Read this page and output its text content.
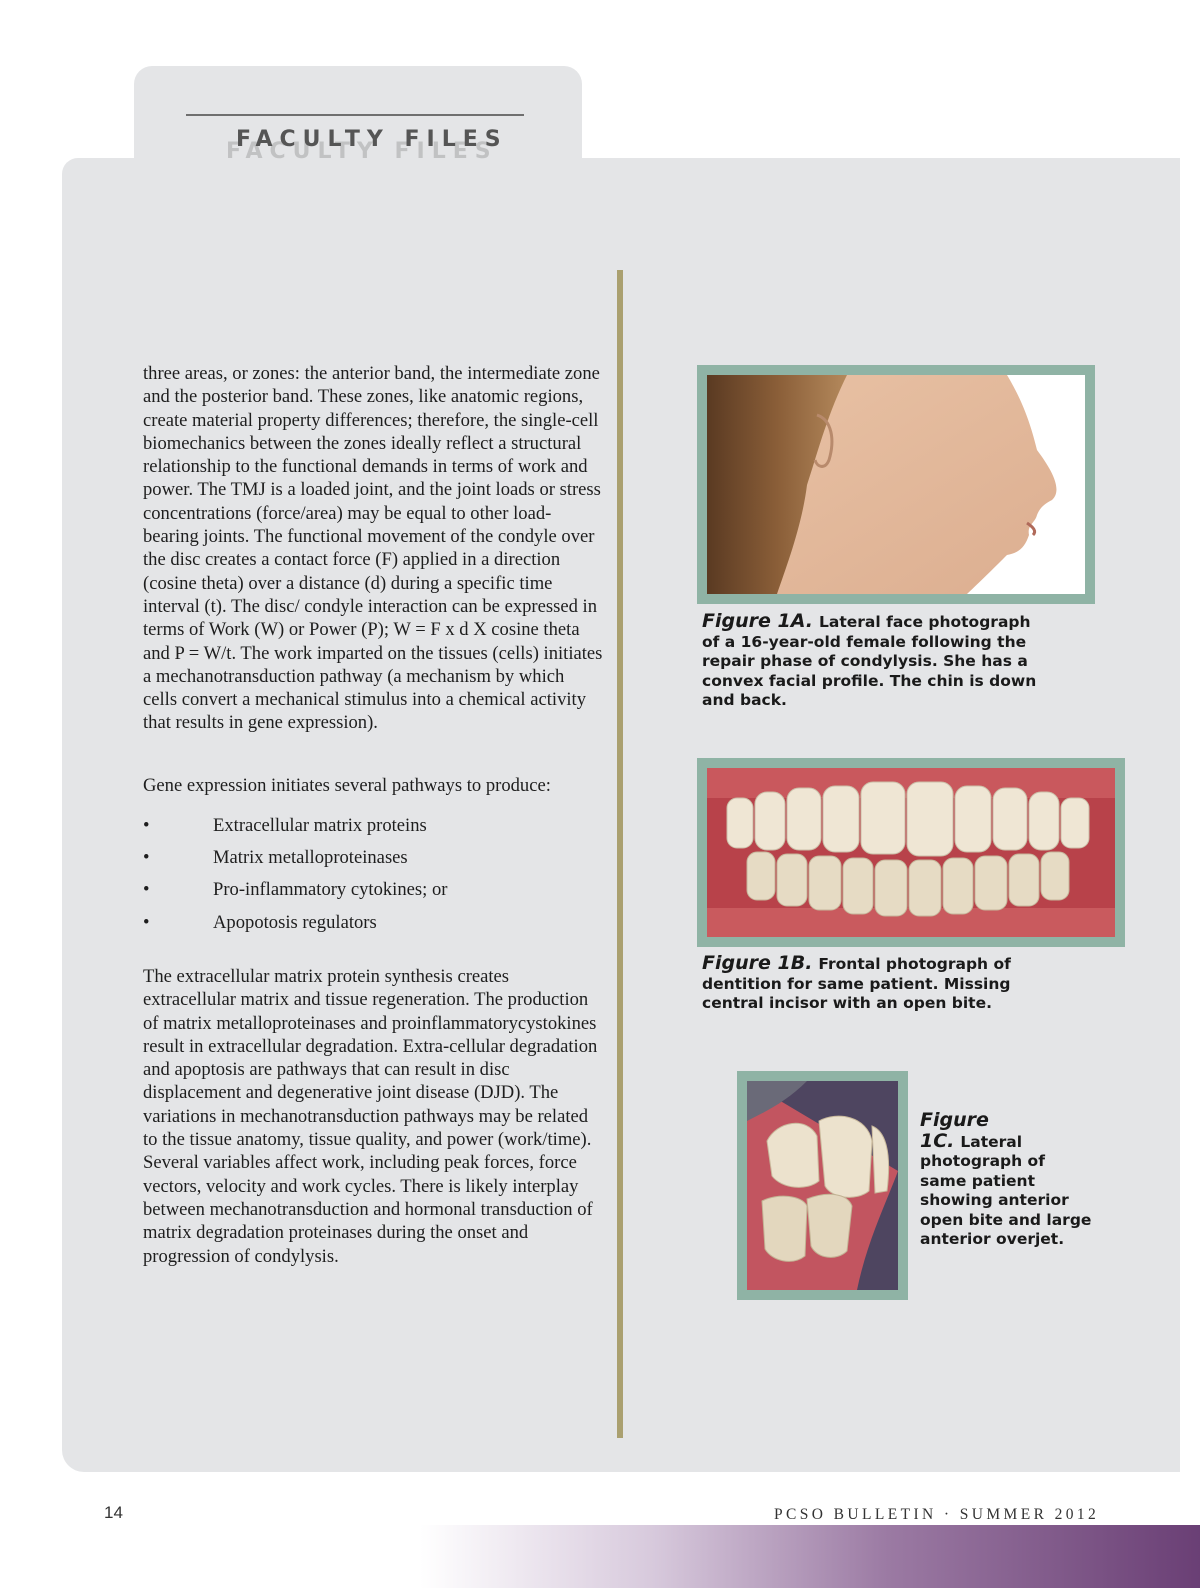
FACULTY FILES

three areas, or zones: the anterior band, the intermediate zone and the posterior band. These zones, like anatomic regions, create material property differences; therefore, the single-cell biomechanics between the zones ideally reflect a structural relationship to the functional demands in terms of work and power. The TMJ is a loaded joint, and the joint loads or stress concentrations (force/area) may be equal to other load-bearing joints. The functional movement of the condyle over the disc creates a contact force (F) applied in a direction (cosine theta) over a distance (d) during a specific time interval (t). The disc/ condyle interaction can be expressed in terms of Work (W) or Power (P); W = F x d X cosine theta and P = W/t. The work imparted on the tissues (cells) initiates a mechanotransduction pathway (a mechanism by which cells convert a mechanical stimulus into a chemical activity that results in gene expression).

Gene expression initiates several pathways to produce:

•	Extracellular matrix proteins
•	Matrix metalloproteinases
•	Pro-inflammatory cytokines; or
•	Apopotosis regulators

The extracellular matrix protein synthesis creates extracellular matrix and tissue regeneration. The production of matrix metalloproteinases and proinflammatorycystokines result in extracellular degradation. Extra-cellular degradation and apoptosis are pathways that can result in disc displacement and degenerative joint disease (DJD). The variations in mechanotransduction pathways may be related to the tissue anatomy, tissue quality, and power (work/time). Several variables affect work, including peak forces, force vectors, velocity and work cycles. There is likely interplay between mechanotransduction and hormonal transduction of matrix degradation proteinases during the onset and progression of condylysis.

Figure 1A. Lateral face photograph of a 16-year-old female following the repair phase of condylysis. She has a convex facial profile. The chin is down and back.
Figure 1B. Frontal photograph of dentition for same patient. Missing central incisor with an open bite.
Figure 1C. Lateral photograph of same patient showing anterior open bite and large anterior overjet.
14	PCSO BULLETIN · SUMMER 2012
